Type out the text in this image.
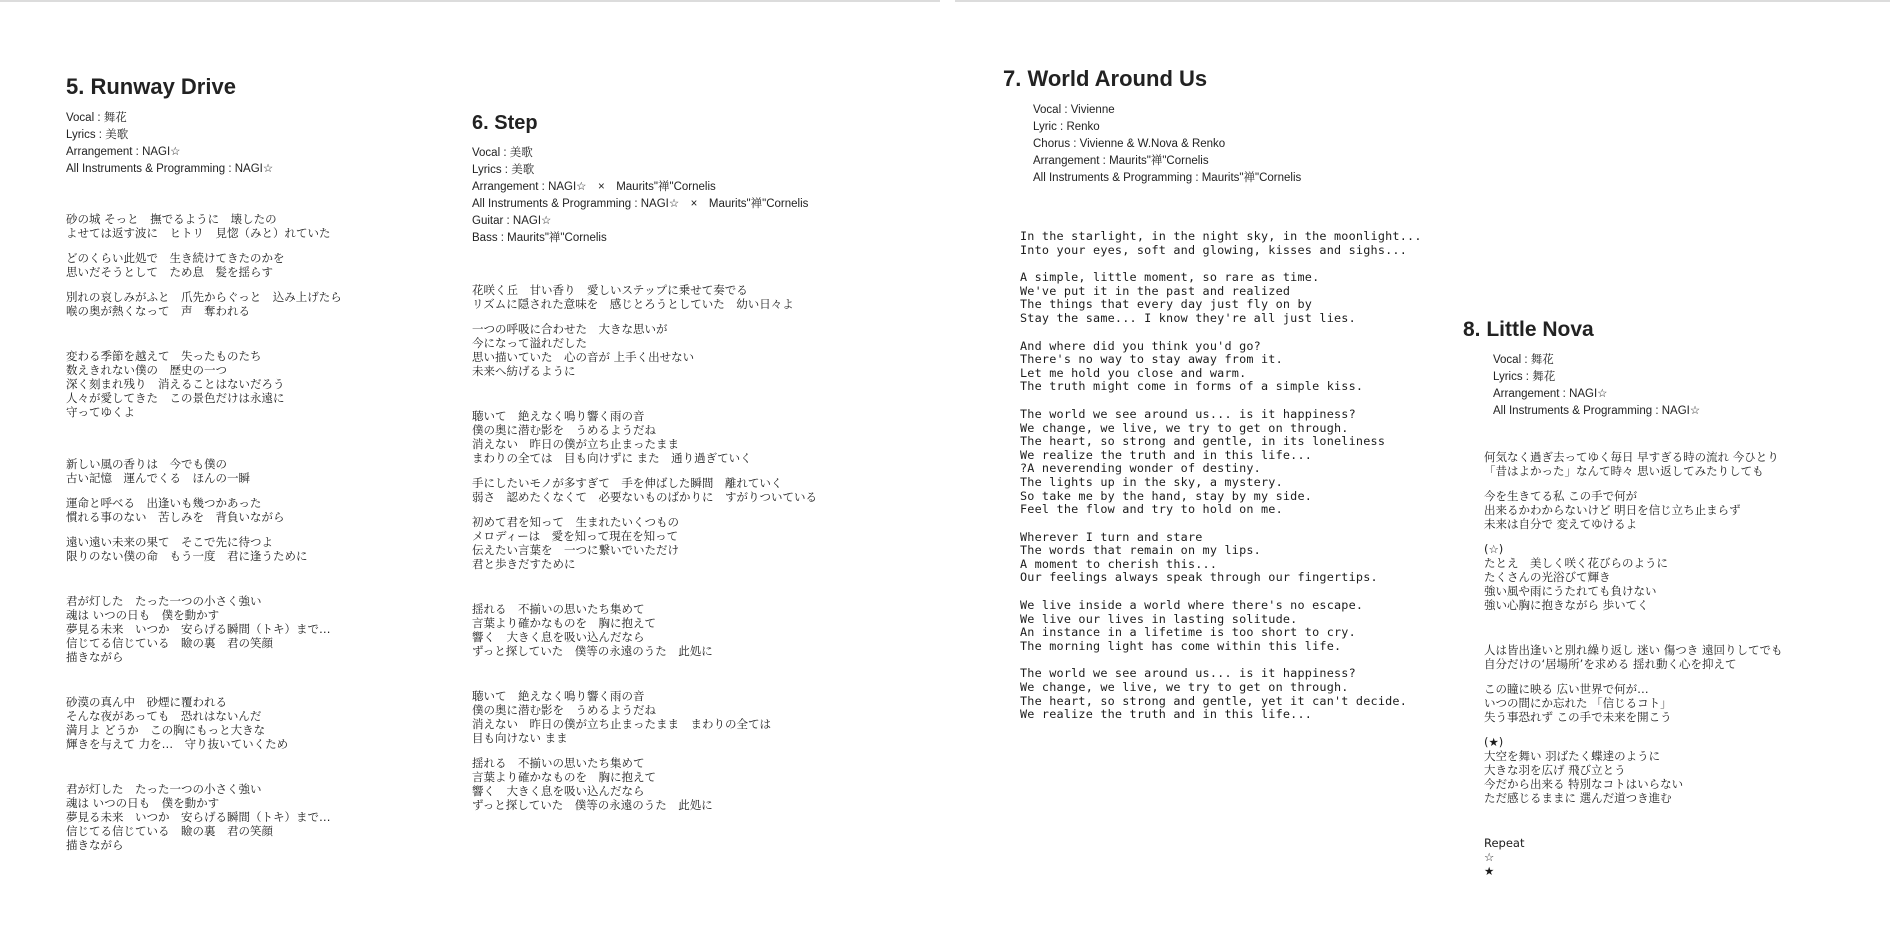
5. Runway Drive
Vocal : 舞花
Lyrics : 美歌
Arrangement : NAGI☆
All Instruments & Programming : NAGI☆
砂の城 そっと　撫でるように　壊したの
よせては返す波に　ヒトリ　見惚（みと）れていた
どのくらい此処で　生き続けてきたのかを
思いだそうとして　ため息　髪を揺らす
別れの哀しみがふと　爪先からぐっと　込み上げたら
喉の奥が熱くなって　声　奪われる
変わる季節を越えて　失ったものたち
数えきれない僕の　歴史の一つ
深く刻まれ残り　消えることはないだろう
人々が愛してきた　この景色だけは永遠に
守ってゆくよ
新しい風の香りは　今でも僕の
古い記憶　運んでくる　ほんの一瞬
運命と呼べる　出逢いも幾つかあった
慣れる事のない　苦しみを　背負いながら
遠い遠い未来の果て　そこで先に待つよ
限りのない僕の命　もう一度　君に逢うために
君が灯した　たった一つの小さく強い
魂は いつの日も　僕を動かす
夢見る未来　いつか　安らげる瞬間（トキ）まで…
信じてる信じている　瞼の裏　君の笑顔
描きながら
砂漠の真ん中　砂煙に覆われる
そんな夜があっても　恐れはないんだ
満月よ どうか　この胸にもっと大きな
輝きを与えて 力を…　守り抜いていくため
君が灯した　たった一つの小さく強い
魂は いつの日も　僕を動かす
夢見る未来　いつか　安らげる瞬間（トキ）まで…
信じてる信じている　瞼の裏　君の笑顔
描きながら
6. Step
Vocal : 美歌
Lyrics : 美歌
Arrangement : NAGI☆　×　Maurits"禅"Cornelis
All Instruments & Programming : NAGI☆　×　Maurits"禅"Cornelis
Guitar : NAGI☆
Bass : Maurits"禅"Cornelis
花咲く丘　甘い香り　愛しいステップに乗せて奏でる
リズムに隠された意味を　感じとろうとしていた　幼い日々よ
一つの呼吸に合わせた　大きな思いが
今になって溢れだした
思い描いていた　心の音が 上手く出せない
未来へ紡げるように
聴いて　絶えなく鳴り響く雨の音
僕の奥に潜む影を　うめるようだね
消えない　昨日の僕が立ち止まったまま
まわりの全ては　目も向けずに また　通り過ぎていく
手にしたいモノが多すぎて　手を伸ばした瞬間　離れていく
弱さ　認めたくなくて　必要ないものばかりに　すがりついている
初めて君を知って　生まれたいくつもの
メロディーは　愛を知って現在を知って
伝えたい言葉を　一つに繋いでいただけ
君と歩きだすために
揺れる　不揃いの思いたち集めて
言葉より確かなものを　胸に抱えて
響く　大きく息を吸い込んだなら
ずっと探していた　僕等の永遠のうた　此処に
聴いて　絶えなく鳴り響く雨の音
僕の奥に潜む影を　うめるようだね
消えない　昨日の僕が立ち止まったまま　まわりの全ては
目も向けない まま
揺れる　不揃いの思いたち集めて
言葉より確かなものを　胸に抱えて
響く　大きく息を吸い込んだなら
ずっと探していた　僕等の永遠のうた　此処に
7. World Around Us
Vocal : Vivienne
Lyric : Renko
Chorus : Vivienne & W.Nova & Renko
Arrangement : Maurits"禅"Cornelis
All Instruments & Programming : Maurits"禅"Cornelis
In the starlight, in the night sky, in the moonlight...
Into your eyes, soft and glowing, kisses and sighs...
A simple, little moment, so rare as time.
We've put it in the past and realized
The things that every day just fly on by
Stay the same... I know they're all just lies.
And where did you think you'd go?
There's no way to stay away from it.
Let me hold you close and warm.
The truth might come in forms of a simple kiss.
The world we see around us... is it happiness?
We change, we live, we try to get on through.
The heart, so strong and gentle, in its loneliness
We realize the truth and in this life...
?A neverending wonder of destiny.
The lights up in the sky, a mystery.
So take me by the hand, stay by my side.
Feel the flow and try to hold on me.
Wherever I turn and stare
The words that remain on my lips.
A moment to cherish this...
Our feelings always speak through our fingertips.
We live inside a world where there's no escape.
We live our lives in lasting solitude.
An instance in a lifetime is too short to cry.
The morning light has come within this life.
The world we see around us... is it happiness?
We change, we live, we try to get on through.
The heart, so strong and gentle, yet it can't decide.
We realize the truth and in this life...
8. Little Nova
Vocal : 舞花
Lyrics : 舞花
Arrangement : NAGI☆
All Instruments & Programming : NAGI☆
何気なく過ぎ去ってゆく毎日 早すぎる時の流れ 今ひとり
「昔はよかった」なんて時々 思い返してみたりしても
今を生きてる私 この手で何が
出来るかわからないけど 明日を信じ立ち止まらず
未来は自分で 変えてゆけるよ
(☆)
たとえ　美しく咲く花びらのように
たくさんの光浴びて輝き
強い風や雨にうたれても負けない
強い心胸に抱きながら 歩いてく
人は皆出逢いと別れ繰り返し 迷い 傷つき 遠回りしてでも
自分だけの‘居場所’を求める 揺れ動く心を抑えて
この瞳に映る 広い世界で何が…
いつの間にか忘れた 「信じるコト」
失う事恐れず この手で未来を開こう
(★)
大空を舞い 羽ばたく蝶達のように
大きな羽を広げ 飛び立とう
今だから出来る 特別なコトはいらない
ただ感じるままに 選んだ道つき進む
Repeat
☆
★
